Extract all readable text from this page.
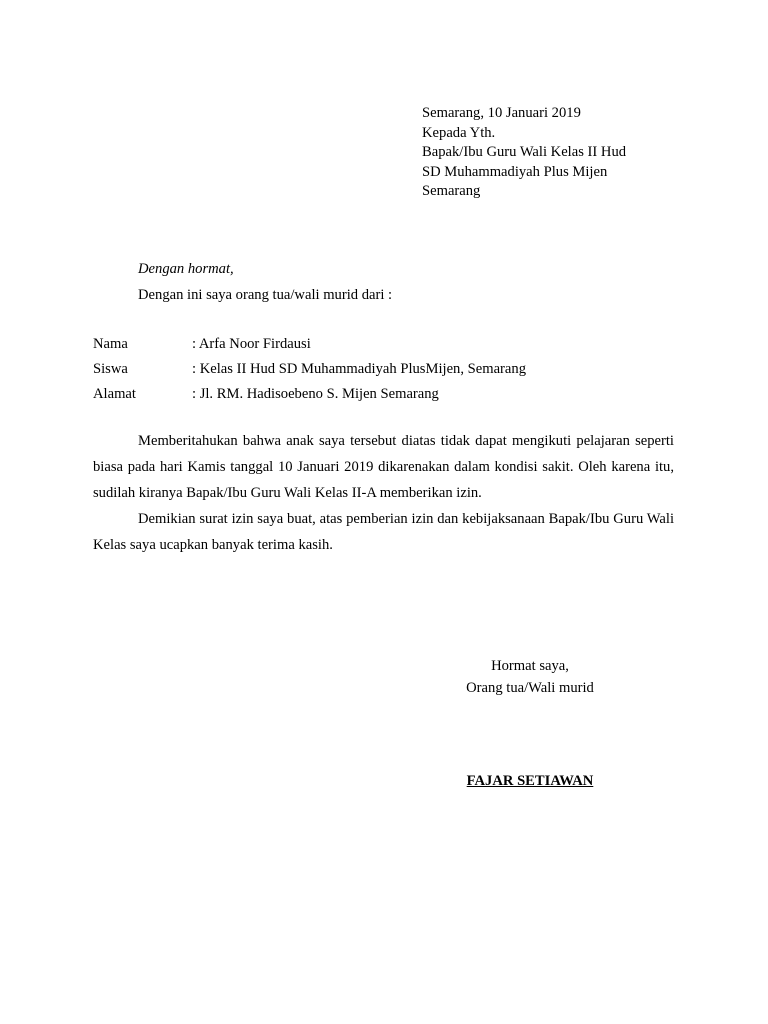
Semarang, 10 Januari 2019
Kepada Yth.
Bapak/Ibu Guru Wali Kelas II Hud
SD Muhammadiyah Plus Mijen
Semarang
Dengan hormat,
Dengan ini saya orang tua/wali murid dari :
Nama	: Arfa Noor Firdausi
Siswa	: Kelas II Hud SD Muhammadiyah PlusMijen, Semarang
Alamat	: Jl. RM. Hadisoebeno S. Mijen Semarang

Memberitahukan bahwa anak saya tersebut diatas tidak dapat mengikuti pelajaran seperti biasa pada hari Kamis tanggal 10 Januari 2019 dikarenakan dalam kondisi sakit. Oleh karena itu, sudilah kiranya Bapak/Ibu Guru Wali Kelas II-A memberikan izin.

Demikian surat izin saya buat, atas pemberian izin dan kebijaksanaan Bapak/Ibu Guru Wali Kelas saya ucapkan banyak terima kasih.

Hormat saya,
Orang tua/Wali murid
FAJAR SETIAWAN
